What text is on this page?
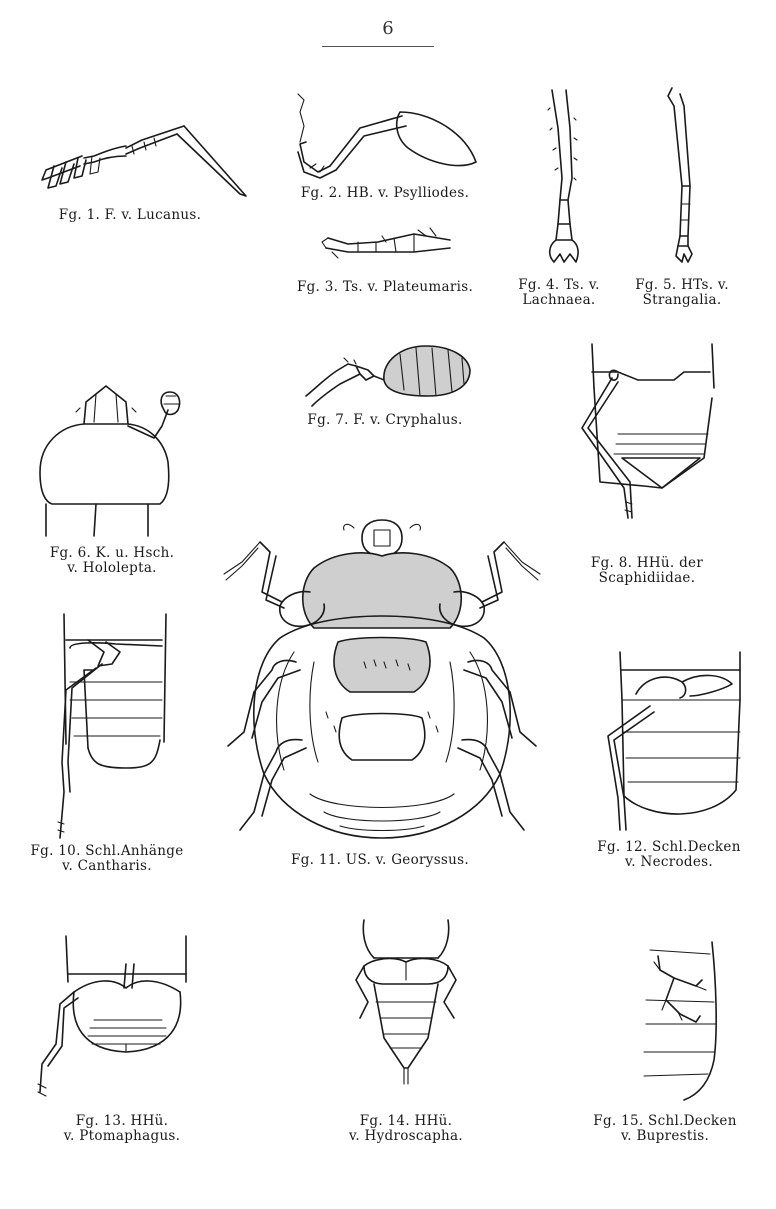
6
Fg. 1. F. v. Lucanus.
Fg. 2. HB. v. Psylliodes.
Fg. 3. Ts. v. Plateumaris.	Fg. 4. Ts. v.
Lachnaea.
Fg. 5. HTs. v.
Strangalia.
Fg. 6. K. u. Hsch.
v. Hololepta.
Fg. 7. F. v. Cryphalus.
Fg. 8. HHü. der
Scaphidiidae.
Fg. 10. Schl.Anhänge
v. Cantharis.	Fg. 11. US. v. Georyssus.
Fg. 12. Schl.Decken
v. Necrodes.
Fg. 13. HHü.
v. Ptomaphagus.
Fg. 14. HHü.
v. Hydroscapha.
Fg. 15. Schl.Decken
v. Buprestis.
